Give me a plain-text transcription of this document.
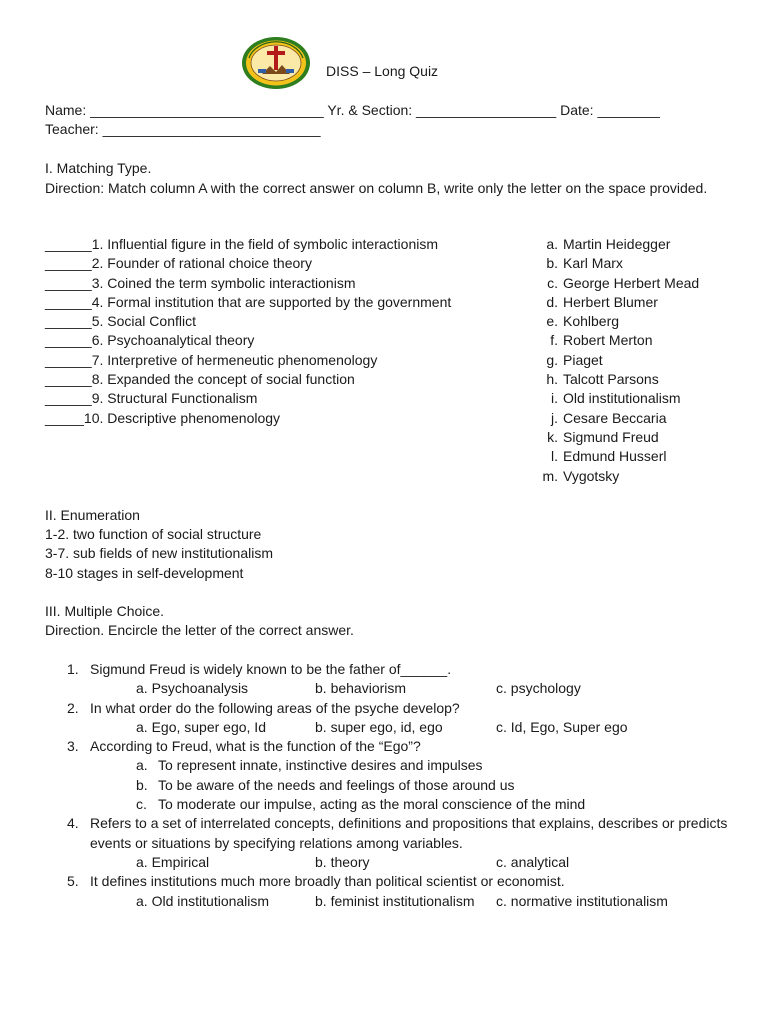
DISS – Long Quiz
Name: ______________________________ Yr. & Section: __________________ Date: ________
Teacher: ____________________________
I. Matching Type.
Direction: Match column A with the correct answer on column B, write only the letter on the space provided.
______1. Influential figure in the field of symbolic interactionism
______2. Founder of rational choice theory
______3. Coined the term symbolic interactionism
______4. Formal institution that are supported by the government
______5. Social Conflict
______6. Psychoanalytical theory
______7. Interpretive of hermeneutic phenomenology
______8. Expanded the concept of social function
______9. Structural Functionalism
_____10. Descriptive phenomenology
a. Martin Heidegger
b. Karl Marx
c. George Herbert Mead
d. Herbert Blumer
e. Kohlberg
f. Robert Merton
g. Piaget
h. Talcott Parsons
i. Old institutionalism
j. Cesare Beccaria
k. Sigmund Freud
l. Edmund Husserl
m. Vygotsky
II. Enumeration
1-2. two function of social structure
3-7. sub fields of new institutionalism
8-10 stages in self-development
III. Multiple Choice.
Direction. Encircle the letter of the correct answer.
1. Sigmund Freud is widely known to be the father of______.
a. Psychoanalysis	b. behaviorism	c. psychology
2. In what order do the following areas of the psyche develop?
a. Ego, super ego, Id	b. super ego, id, ego	c. Id, Ego, Super ego
3. According to Freud, what is the function of the “Ego”?
a. To represent innate, instinctive desires and impulses
b. To be aware of the needs and feelings of those around us
c. To moderate our impulse, acting as the moral conscience of the mind
4. Refers to a set of interrelated concepts, definitions and propositions that explains, describes or predicts events or situations by specifying relations among variables.
a. Empirical	b. theory	c. analytical
5. It defines institutions much more broadly than political scientist or economist.
a. Old institutionalism	b. feminist institutionalism c. normative institutionalism
